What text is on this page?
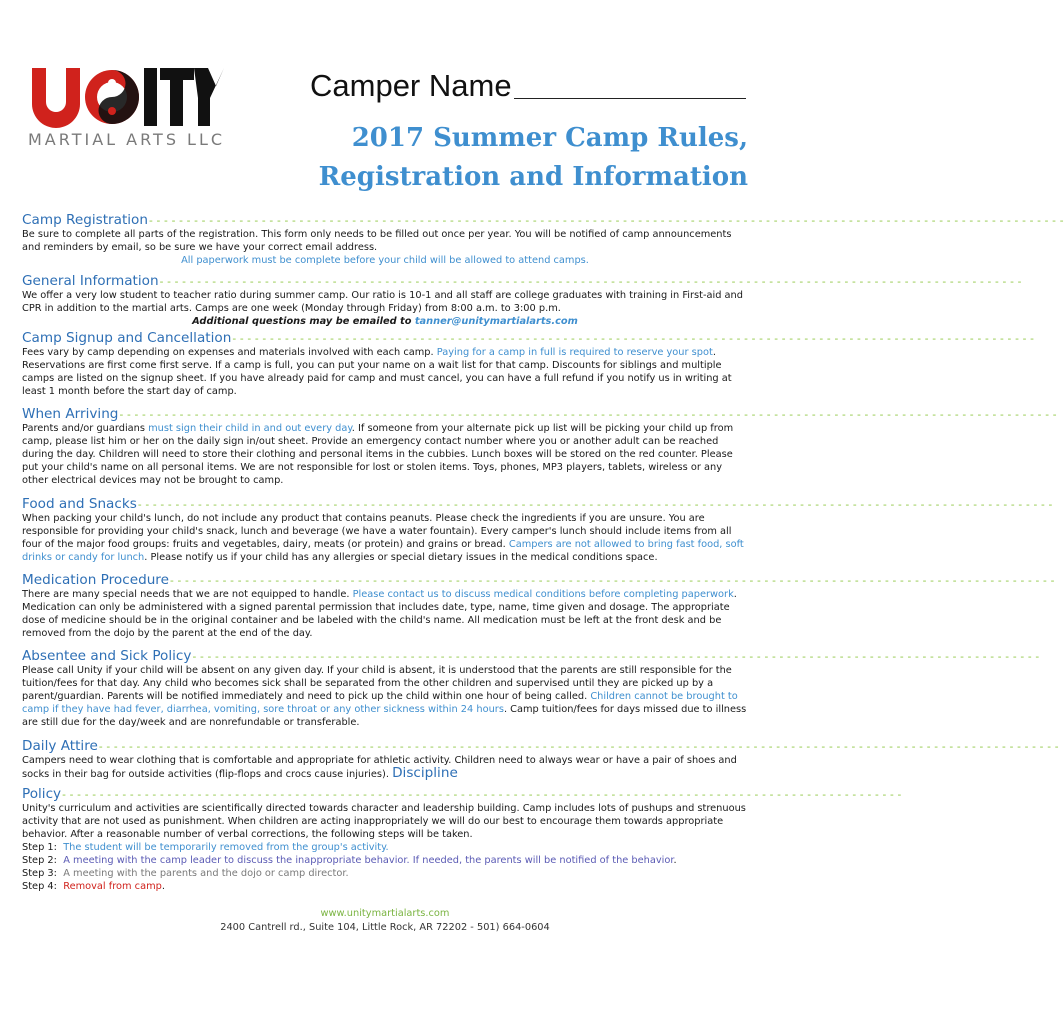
MARTIAL ARTS LLC
Camper Name
2017 Summer Camp Rules,
Registration and Information
Camp Registration - - - - - - - - - - - - - - - - - - - - - - - - - - - - - - - - - - - - - - - - - - - - - - - - - - - - - - - - - - - - - - - - - - - - - - - - - - - - - - - - - - - - - - - - - - - - - - - - - - - - - - - - - - - - - - - - - - - - - - - - - -

Be sure to complete all parts of the registration. This form only needs to be filled out once per year. You will be notified of camp announcements and reminders by email, so be sure we have your correct email address.

All paperwork must be complete before your child will be allowed to attend camps.

General Information - - - - - - - - - - - - - - - - - - - - - - - - - - - - - - - - - - - - - - - - - - - - - - - - - - - - - - - - - - - - - - - - - - - - - - - - - - - - - - - - - - - - - - - - - - - - - - - - - - - - - - - - - - - - - - - - - - -

We offer a very low student to teacher ratio during summer camp. Our ratio is 10-1 and all staff are college graduates with training in First-aid and CPR in addition to the martial arts. Camps are one week (Monday through Friday) from 8:00 a.m. to 3:00 p.m.

Additional questions may be emailed to tanner@unitymartialarts.com

Camp Signup and Cancellation - - - - - - - - - - - - - - - - - - - - - - - - - - - - - - - - - - - - - - - - - - - - - - - - - - - - - - - - - - - - - - - - - - - - - - - - - - - - - - - - - - - - - - - - - - - - - - - - - - - - - - - - - - -

Fees vary by camp depending on expenses and materials involved with each camp. Paying for a camp in full is required to reserve your spot. Reservations are first come first serve. If a camp is full, you can put your name on a wait list for that camp. Discounts for siblings and multiple camps are listed on the signup sheet. If you have already paid for camp and must cancel, you can have a full refund if you notify us in writing at least 1 month before the start day of camp.

When Arriving - - - - - - - - - - - - - - - - - - - - - - - - - - - - - - - - - - - - - - - - - - - - - - - - - - - - - - - - - - - - - - - - - - - - - - - - - - - - - - - - - - - - - - - - - - - - - - - - - - - - - - - - - - - - - - - - - - - - - - - - - - - - -

Parents and/or guardians must sign their child in and out every day. If someone from your alternate pick up list will be picking your child up from camp, please list him or her on the daily sign in/out sheet. Provide an emergency contact number where you or another adult can be reached during the day. Children will need to store their clothing and personal items in the cubbies. Lunch boxes will be stored on the red counter. Please put your child's name on all personal items. We are not responsible for lost or stolen items. Toys, phones, MP3 players, tablets, wireless or any other electrical devices may not be brought to camp.

Food and Snacks - - - - - - - - - - - - - - - - - - - - - - - - - - - - - - - - - - - - - - - - - - - - - - - - - - - - - - - - - - - - - - - - - - - - - - - - - - - - - - - - - - - - - - - - - - - - - - - - - - - - - - - - - - - - - - - - - - - - - - - - - -

When packing your child's lunch, do not include any product that contains peanuts. Please check the ingredients if you are unsure. You are responsible for providing your child's snack, lunch and beverage (we have a water fountain). Every camper's lunch should include items from all four of the major food groups: fruits and vegetables, dairy, meats (or protein) and grains or bread. Campers are not allowed to bring fast food, soft drinks or candy for lunch. Please notify us if your child has any allergies or special dietary issues in the medical conditions space.

Medication Procedure - - - - - - - - - - - - - - - - - - - - - - - - - - - - - - - - - - - - - - - - - - - - - - - - - - - - - - - - - - - - - - - - - - - - - - - - - - - - - - - - - - - - - - - - - - - - - - - - - - - - - - - - - - - - - - - - - - - - - -

There are many special needs that we are not equipped to handle. Please contact us to discuss medical conditions before completing paperwork. Medication can only be administered with a signed parental permission that includes date, type, name, time given and dosage. The appropriate dose of medicine should be in the original container and be labeled with the child's name. All medication must be left at the front desk and be removed from the dojo by the parent at the end of the day.

Absentee and Sick Policy - - - - - - - - - - - - - - - - - - - - - - - - - - - - - - - - - - - - - - - - - - - - - - - - - - - - - - - - - - - - - - - - - - - - - - - - - - - - - - - - - - - - - - - - - - - - - - - - - - - - - - - - - - - - - - - - -

Please call Unity if your child will be absent on any given day. If your child is absent, it is understood that the parents are still responsible for the tuition/fees for that day. Any child who becomes sick shall be separated from the other children and supervised until they are picked up by a parent/guardian. Parents will be notified immediately and need to pick up the child within one hour of being called. Children cannot be brought to camp if they have had fever, diarrhea, vomiting, sore throat or any other sickness within 24 hours. Camp tuition/fees for days missed due to illness are still due for the day/week and are nonrefundable or transferable.

Daily Attire - - - - - - - - - - - - - - - - - - - - - - - - - - - - - - - - - - - - - - - - - - - - - - - - - - - - - - - - - - - - - - - - - - - - - - - - - - - - - - - - - - - - - - - - - - - - - - - - - - - - - - - - - - - - - - - - - - - - - - - - - - - - - - - -

Campers need to wear clothing that is comfortable and appropriate for athletic activity. Children need to always wear or have a pair of shoes and socks in their bag for outside activities (flip-flops and crocs cause injuries). Discipline

Policy - - - - - - - - - - - - - - - - - - - - - - - - - - - - - - - - - - - - - - - - - - - - - - - - - - - - - - - - - - - - - - - - - - - - - - - - - - - - - - - - - - - - - - - - - - - - - - - - - - - - - - - - - - - - - - - -

Unity's curriculum and activities are scientifically directed towards character and leadership building. Camp includes lots of pushups and strenuous activity that are not used as punishment. When children are acting inappropriately we will do our best to encourage them towards appropriate behavior. After a reasonable number of verbal corrections, the following steps will be taken.

Step 1: The student will be temporarily removed from the group's activity.

Step 2: A meeting with the camp leader to discuss the inappropriate behavior. If needed, the parents will be notified of the behavior.

Step 3: A meeting with the parents and the dojo or camp director.

Step 4: Removal from camp.

www.unitymartialarts.com
2400 Cantrell rd., Suite 104, Little Rock, AR 72202 - 501) 664-0604
